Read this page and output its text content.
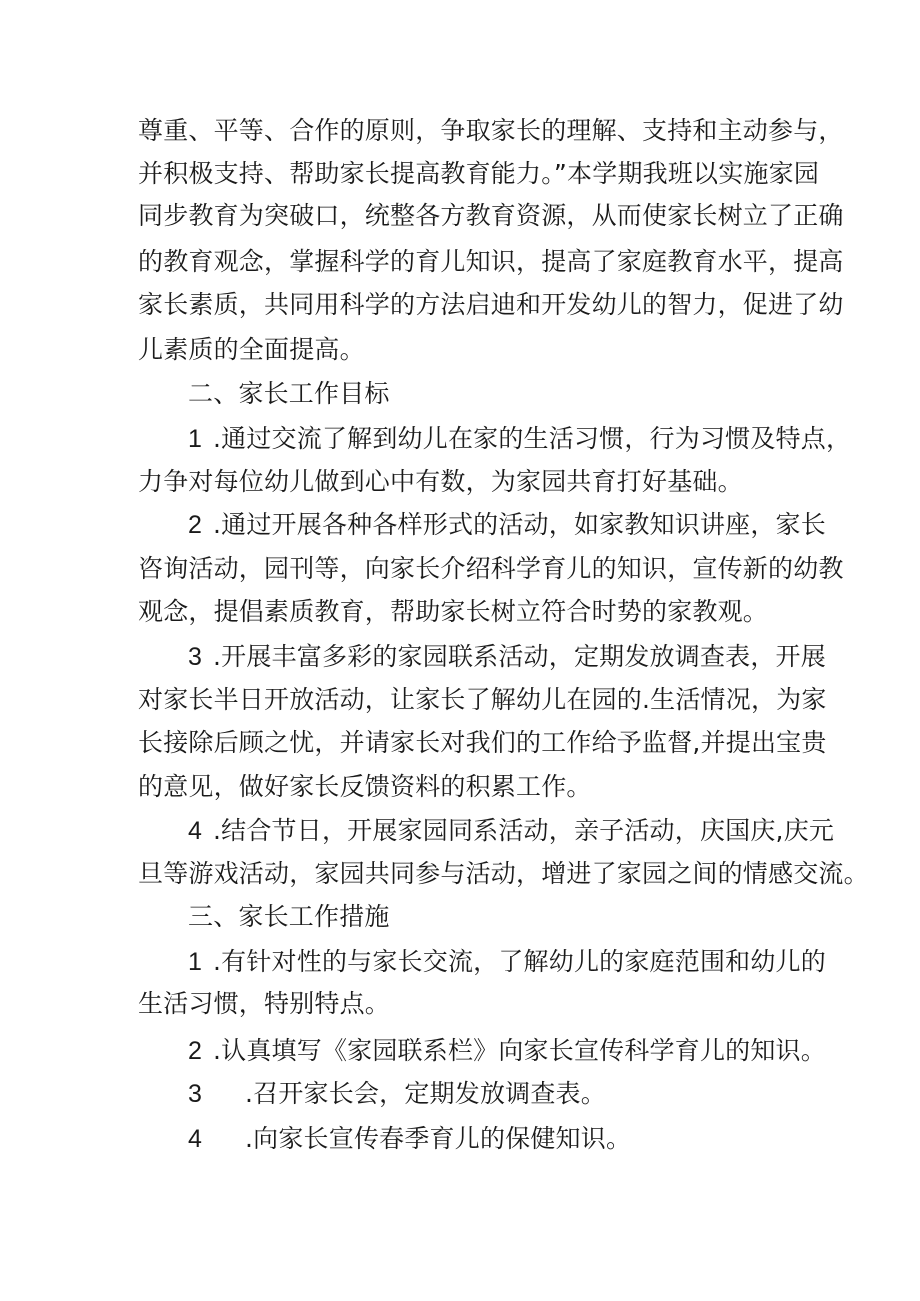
尊重、平等、合作的原则，争取家长的理解、支持和主动参与，
并积极支持、帮助家长提高教育能力。”本学期我班以实施家园
同步教育为突破口，统整各方教育资源，从而使家长树立了正确
的教育观念，掌握科学的育儿知识，提高了家庭教育水平，提高
家长素质，共同用科学的方法启迪和开发幼儿的智力，促进了幼
儿素质的全面提高。
二、家长工作目标
1 .通过交流了解到幼儿在家的生活习惯，行为习惯及特点，
力争对每位幼儿做到心中有数，为家园共育打好基础。
2 .通过开展各种各样形式的活动，如家教知识讲座，家长
咨询活动，园刊等，向家长介绍科学育儿的知识，宣传新的幼教
观念，提倡素质教育，帮助家长树立符合时势的家教观。
3 .开展丰富多彩的家园联系活动，定期发放调查表，开展
对家长半日开放活动，让家长了解幼儿在园的.生活情况，为家
长接除后顾之忧，并请家长对我们的工作给予监督,并提出宝贵
的意见，做好家长反馈资料的积累工作。
4 .结合节日，开展家园同系活动，亲子活动，庆国庆,庆元
旦等游戏活动，家园共同参与活动，增进了家园之间的情感交流。
三、家长工作措施
1 .有针对性的与家长交流，了解幼儿的家庭范围和幼儿的
生活习惯，特别特点。
2 .认真填写《家园联系栏》向家长宣传科学育儿的知识。
3 .召开家长会，定期发放调查表。
4 .向家长宣传春季育儿的保健知识。
